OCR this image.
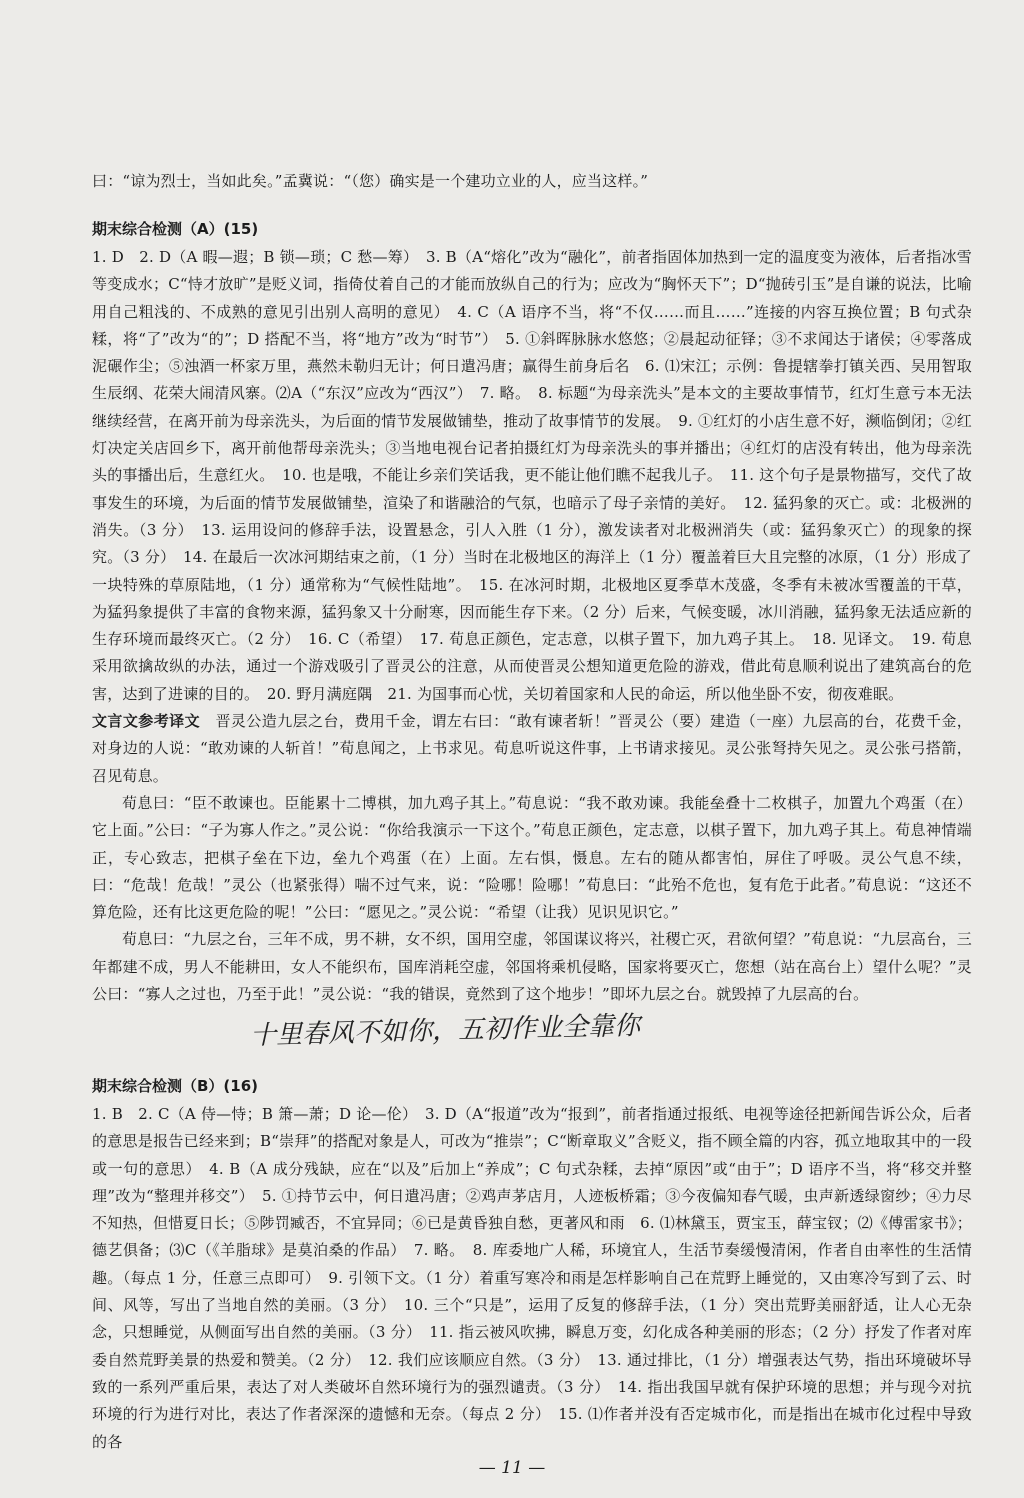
曰：“谅为烈士，当如此矣。”孟冀说：“（您）确实是一个建功立业的人，应当这样。”

期末综合检测（A）(15)

1. D　2. D（A 暇—遐；B 锁—琐；C 愁—筹）　3. B（A“熔化”改为“融化”，前者指固体加热到一定的温度变为液体，后者指冰雪等变成水；C“恃才放旷”是贬义词，指倚仗着自己的才能而放纵自己的行为；应改为“胸怀天下”；D“抛砖引玉”是自谦的说法，比喻用自己粗浅的、不成熟的意见引出别人高明的意见）　4. C（A 语序不当，将“不仅……而且……”连接的内容互换位置；B 句式杂糅，将“了”改为“的”；D 搭配不当，将“地方”改为“时节”）　5. ①斜晖脉脉水悠悠；②晨起动征铎；③不求闻达于诸侯；④零落成泥碾作尘；⑤浊酒一杯家万里，燕然未勒归无计；何日遣冯唐；赢得生前身后名　6. ⑴宋江；示例：鲁提辖拳打镇关西、吴用智取生辰纲、花荣大闹清风寨。⑵A（“东汉”应改为“西汉”）　7. 略。　8. 标题“为母亲洗头”是本文的主要故事情节，红灯生意亏本无法继续经营，在离开前为母亲洗头，为后面的情节发展做铺垫，推动了故事情节的发展。　9. ①红灯的小店生意不好，濒临倒闭；②红灯决定关店回乡下，离开前他帮母亲洗头；③当地电视台记者拍摄红灯为母亲洗头的事并播出；④红灯的店没有转出，他为母亲洗头的事播出后，生意红火。　10. 也是哦，不能让乡亲们笑话我，更不能让他们瞧不起我儿子。　11. 这个句子是景物描写，交代了故事发生的环境，为后面的情节发展做铺垫，渲染了和谐融洽的气氛，也暗示了母子亲情的美好。　12. 猛犸象的灭亡。或：北极洲的消失。（3 分）　13. 运用设问的修辞手法，设置悬念，引人入胜（1 分），激发读者对北极洲消失（或：猛犸象灭亡）的现象的探究。（3 分）　14. 在最后一次冰河期结束之前，（1 分）当时在北极地区的海洋上（1 分）覆盖着巨大且完整的冰原，（1 分）形成了一块特殊的草原陆地，（1 分）通常称为“气候性陆地”。　15. 在冰河时期，北极地区夏季草木茂盛，冬季有未被冰雪覆盖的干草，为猛犸象提供了丰富的食物来源，猛犸象又十分耐寒，因而能生存下来。（2 分）后来，气候变暖，冰川消融，猛犸象无法适应新的生存环境而最终灭亡。（2 分）　16. C（希望）　17. 荀息正颜色，定志意，以棋子置下，加九鸡子其上。　18. 见译文。　19. 荀息采用欲擒故纵的办法，通过一个游戏吸引了晋灵公的注意，从而使晋灵公想知道更危险的游戏，借此荀息顺利说出了建筑高台的危害，达到了进谏的目的。　20. 野月满庭隅　21. 为国事而心忧，关切着国家和人民的命运，所以他坐卧不安，彻夜难眠。

文言文参考译文　 晋灵公造九层之台，费用千金，谓左右曰：“敢有谏者斩！”晋灵公（要）建造（一座）九层高的台，花费千金，对身边的人说：“敢劝谏的人斩首！”荀息闻之，上书求见。荀息听说这件事，上书请求接见。灵公张弩持矢见之。灵公张弓搭箭，召见荀息。

荀息曰：“臣不敢谏也。臣能累十二博棋，加九鸡子其上。”荀息说：“我不敢劝谏。我能垒叠十二枚棋子，加置九个鸡蛋（在）它上面。”公曰：“子为寡人作之。”灵公说：“你给我演示一下这个。”荀息正颜色，定志意，以棋子置下，加九鸡子其上。荀息神情端正，专心致志，把棋子垒在下边，垒九个鸡蛋（在）上面。左右惧，慑息。左右的随从都害怕，屏住了呼吸。灵公气息不续，曰：“危哉！危哉！”灵公（也紧张得）喘不过气来，说：“险哪！险哪！”荀息曰：“此殆不危也，复有危于此者。”荀息说：“这还不算危险，还有比这更危险的呢！”公曰：“愿见之。”灵公说：“希望（让我）见识见识它。”

荀息曰：“九层之台，三年不成，男不耕，女不织，国用空虚，邻国谋议将兴，社稷亡灭，君欲何望？”荀息说：“九层高台，三年都建不成，男人不能耕田，女人不能织布，国库消耗空虚，邻国将乘机侵略，国家将要灭亡，您想（站在高台上）望什么呢？”灵公曰：“寡人之过也，乃至于此！”灵公说：“我的错误，竟然到了这个地步！”即坏九层之台。就毁掉了九层高的台。

十里春风不如你，五初作业全靠你

期末综合检测（B）(16)

1. B　2. C（A 侍—恃；B 箫—萧；D 论—伦）　3. D（A“报道”改为“报到”，前者指通过报纸、电视等途径把新闻告诉公众，后者的意思是报告已经来到；B“崇拜”的搭配对象是人，可改为“推崇”；C“断章取义”含贬义，指不顾全篇的内容，孤立地取其中的一段或一句的意思）　4. B（A 成分残缺，应在“以及”后加上“养成”；C 句式杂糅，去掉“原因”或“由于”；D 语序不当，将“移交并整理”改为“整理并移交”）　5. ①持节云中，何日遣冯唐；②鸡声茅店月，人迹板桥霜；③今夜偏知春气暖，虫声新透绿窗纱；④力尽不知热，但惜夏日长；⑤陟罚臧否，不宜异同；⑥已是黄昏独自愁，更著风和雨　6. ⑴林黛玉，贾宝玉，薛宝钗；⑵《傅雷家书》；德艺俱备；⑶C（《羊脂球》是莫泊桑的作品）　7. 略。　8. 库委地广人稀，环境宜人，生活节奏缓慢清闲，作者自由率性的生活情趣。（每点 1 分，任意三点即可）　9. 引领下文。（1 分）着重写寒冷和雨是怎样影响自己在荒野上睡觉的，又由寒冷写到了云、时间、风等，写出了当地自然的美丽。（3 分）　10. 三个“只是”，运用了反复的修辞手法，（1 分）突出荒野美丽舒适，让人心无杂念，只想睡觉，从侧面写出自然的美丽。（3 分）　11. 指云被风吹拂，瞬息万变，幻化成各种美丽的形态；（2 分）抒发了作者对库委自然荒野美景的热爱和赞美。（2 分）　12. 我们应该顺应自然。（3 分）　13. 通过排比，（1 分）增强表达气势，指出环境破坏导致的一系列严重后果，表达了对人类破坏自然环境行为的强烈谴责。（3 分）　14. 指出我国早就有保护环境的思想；并与现今对抗环境的行为进行对比，表达了作者深深的遗憾和无奈。（每点 2 分）　15. ⑴作者并没有否定城市化，而是指出在城市化过程中导致的各

— 11 —
